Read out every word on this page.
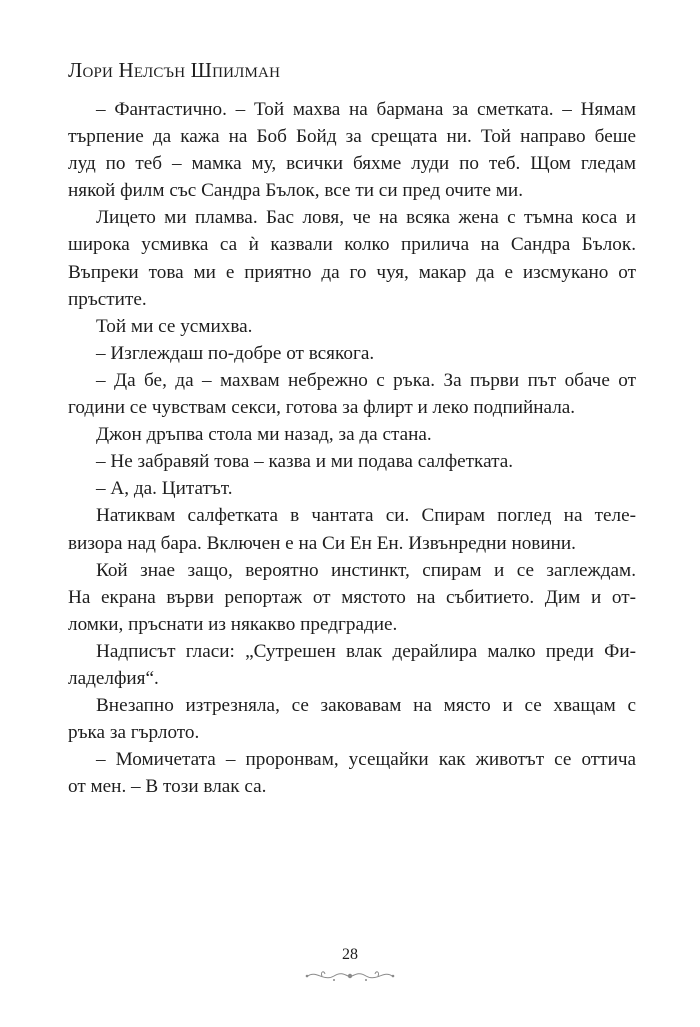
Лори Нелсън Шпилман

– Фантастично. – Той махва на бармана за сметката. – Нямам
търпение да кажа на Боб Бойд за срещата ни. Той направо беше
луд по теб – мамка му, всички бяхме луди по теб. Щом гледам
някой филм със Сандра Бълок, все ти си пред очите ми.

Лицето ми пламва. Бас ловя, че на всяка жена с тъмна коса и
широка усмивка са ѝ казвали колко прилича на Сандра Бълок.
Въпреки това ми е приятно да го чуя, макар да е изсмукано от
пръстите.

Той ми се усмихва.

– Изглеждаш по-добре от всякога.

– Да бе, да – махвам небрежно с ръка. За първи път обаче от
години се чувствам секси, готова за флирт и леко подпийнала.

Джон дръпва стола ми назад, за да стана.

– Не забравяй това – казва и ми подава салфетката.

– А, да. Цитатът.

Натиквам салфетката в чантата си. Спирам поглед на теле-
визора над бара. Включен е на Си Ен Ен. Извънредни новини.

Кой знае защо, вероятно инстинкт, спирам и се заглеждам.
На екрана върви репортаж от мястото на събитието. Дим и от-
ломки, пръснати из някакво предградие.

Надписът гласи: „Сутрешен влак дерайлира малко преди Фи-
ладелфия“.

Внезапно изтрезняла, се заковавам на място и се хващам с
ръка за гърлото.

– Момичетата – проронвам, усещайки как животът се оттича
от мен. – В този влак са.

28
